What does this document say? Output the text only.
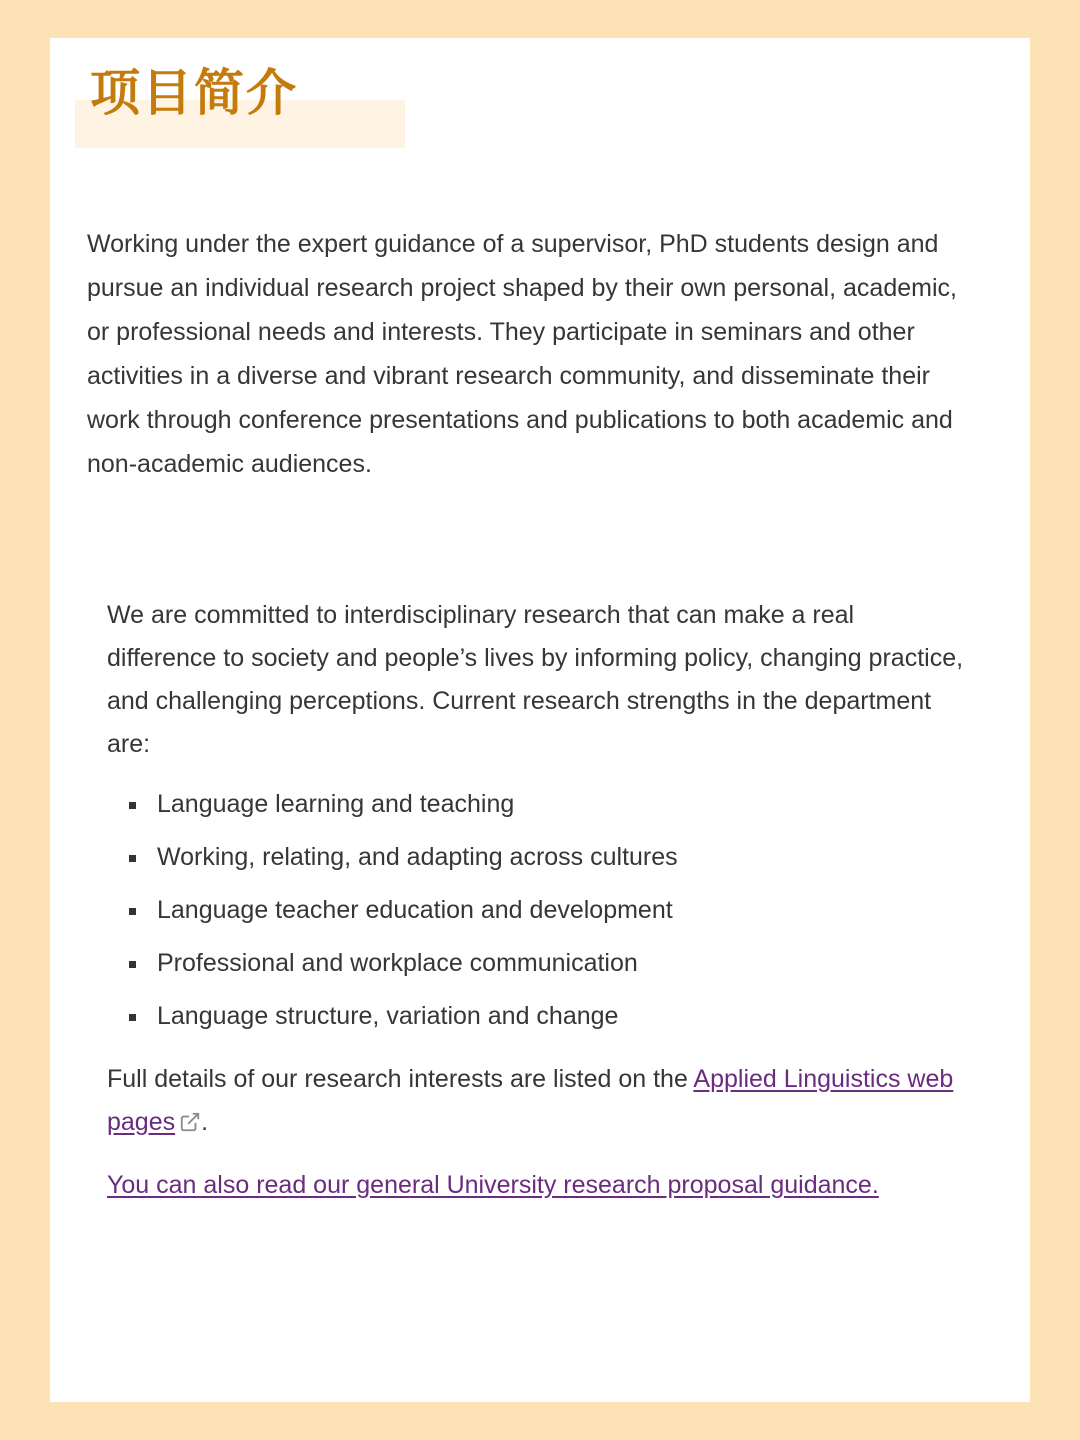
项目简介

Working under the expert guidance of a supervisor, PhD students design and pursue an individual research project shaped by their own personal, academic, or professional needs and interests. They participate in seminars and other activities in a diverse and vibrant research community, and disseminate their work through conference presentations and publications to both academic and non-academic audiences.

We are committed to interdisciplinary research that can make a real difference to society and people’s lives by informing policy, changing practice, and challenging perceptions. Current research strengths in the department are:

Language learning and teaching
Working, relating, and adapting across cultures
Language teacher education and development
Professional and workplace communication
Language structure, variation and change

Full details of our research interests are listed on the Applied Linguistics web pages .

You can also read our general University research proposal guidance.
